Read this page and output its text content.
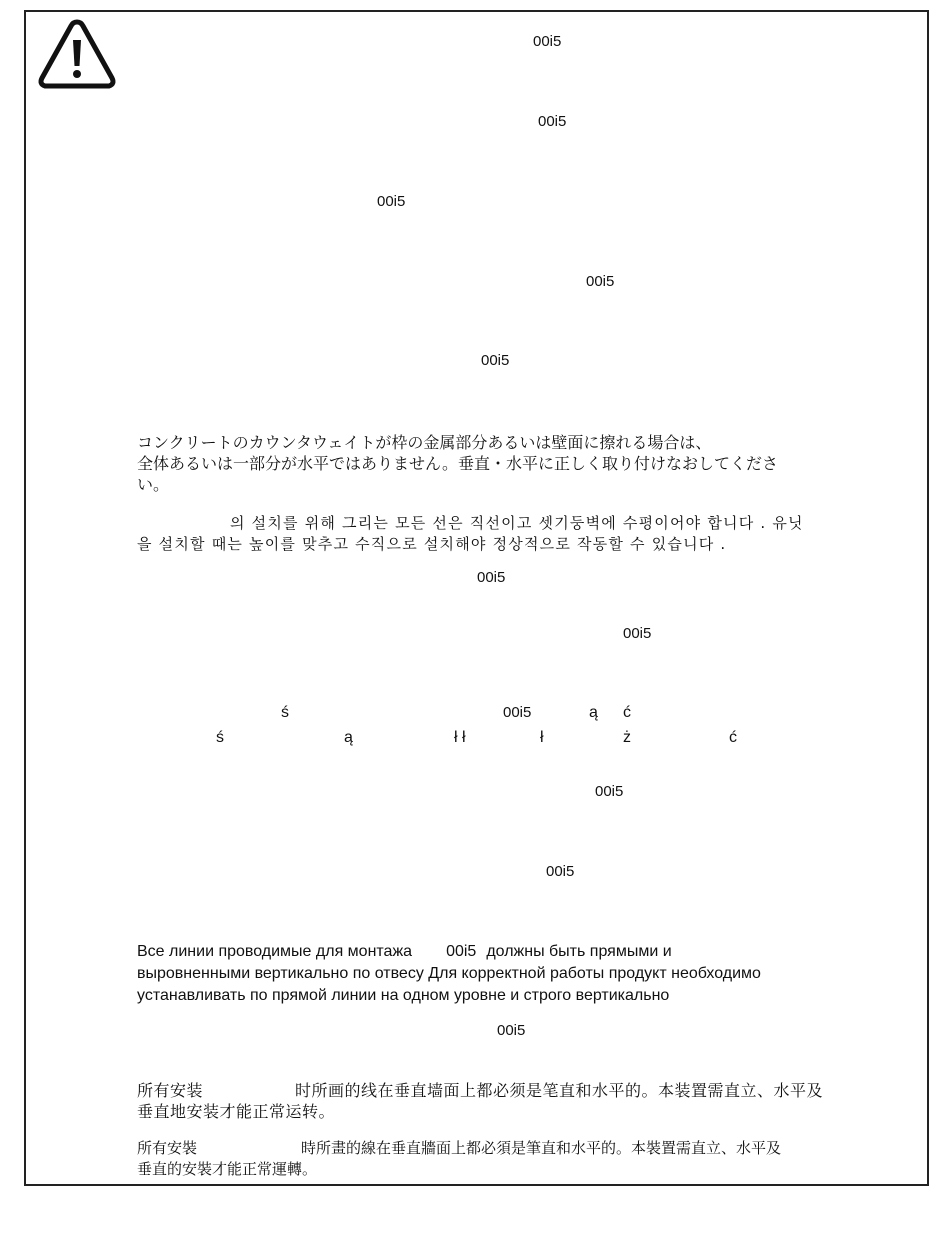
00i5
00i5
00i5
00i5
00i5
コンクリートのカウンタウェイトが枠の金属部分あるいは壁面に擦れる場合は、
全体あるいは一部分が水平ではありません。垂直・水平に正しく取り付けなおしてくださ
い。
의 설치를 위해 그리는 모든 선은 직선이고 셋기둥벽에 수평이어야 합니다 . 유닛
을 설치할 때는 높이를 맞추고 수직으로 설치해야 정상적으로 작동할 수 있습니다 .
00i5
00i5
ś	00i5	ą ć
ś	ą	ł ł	ł	ż	ć
00i5
00i5
Все линии проводимые для монтажа 00i5 должны быть прямыми и
выровненными вертикально по отвесу Для корректной работы продукт необходимо
устанавливать по прямой линии на одном уровне и строго вертикально
00i5
所有安装	时所画的线在垂直墙面上都必须是笔直和水平的。本装置需直立、水平及
垂直地安装才能正常运转。
所有安裝	時所畫的線在垂直牆面上都必須是筆直和水平的。本裝置需直立、水平及
垂直的安裝才能正常運轉。
